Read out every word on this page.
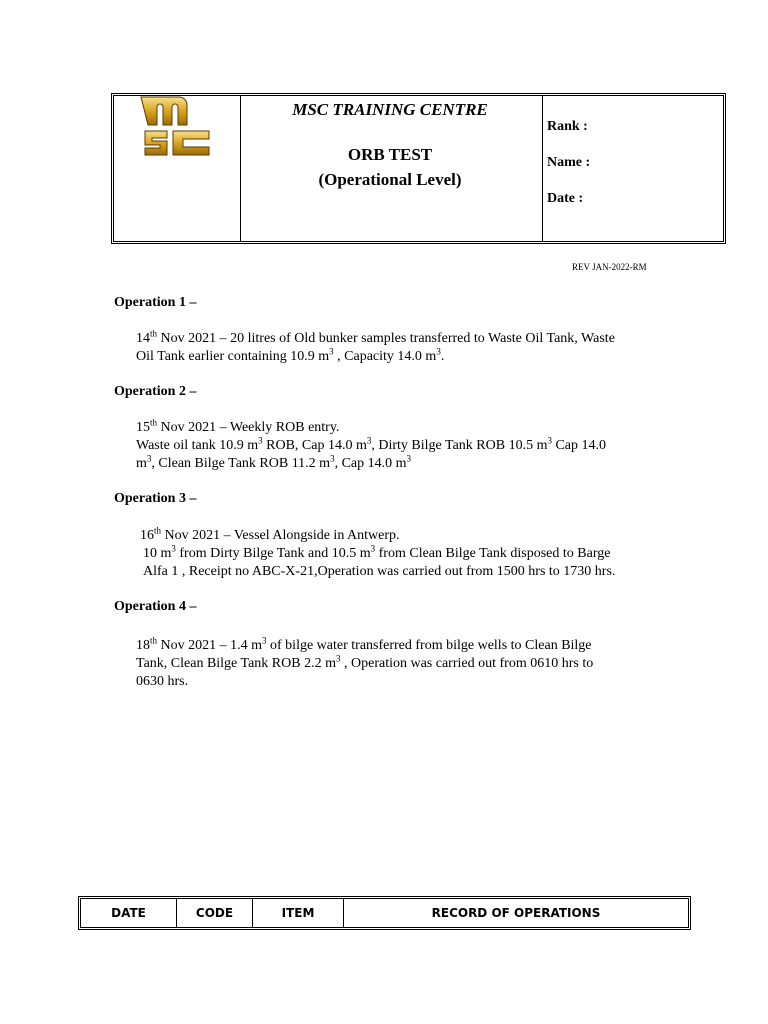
MSC TRAINING CENTRE
ORB TEST
(Operational Level)
Rank :
Name :
Date :
REV JAN-2022-RM
Operation 1 –
14th Nov 2021 – 20 litres of Old bunker samples transferred to Waste Oil Tank, Waste
Oil Tank earlier containing 10.9 $m^3$ , Capacity 14.0 $m^3$.
Operation 2 –
15th Nov 2021 – Weekly ROB entry.
Waste oil tank 10.9 $m^3$ ROB, Cap 14.0 $m^3$, Dirty Bilge Tank ROB 10.5 $m^3$ Cap 14.0
$m^3$, Clean Bilge Tank ROB 11.2 $m^3$, Cap 14.0 $m^3$
Operation 3 –
16th Nov 2021 – Vessel Alongside in Antwerp.
10 $m^3$ from Dirty Bilge Tank and 10.5 $m^3$ from Clean Bilge Tank disposed to Barge
Alfa 1 , Receipt no ABC-X-21,Operation was carried out from 1500 hrs to 1730 hrs.
Operation 4 –
18th Nov 2021 – 1.4 $m^3$ of bilge water transferred from bilge wells to Clean Bilge
Tank, Clean Bilge Tank ROB 2.2 $m^3$ , Operation was carried out from 0610 hrs to
0630 hrs.
DATE	CODE	ITEM	RECORD OF OPERATIONS
